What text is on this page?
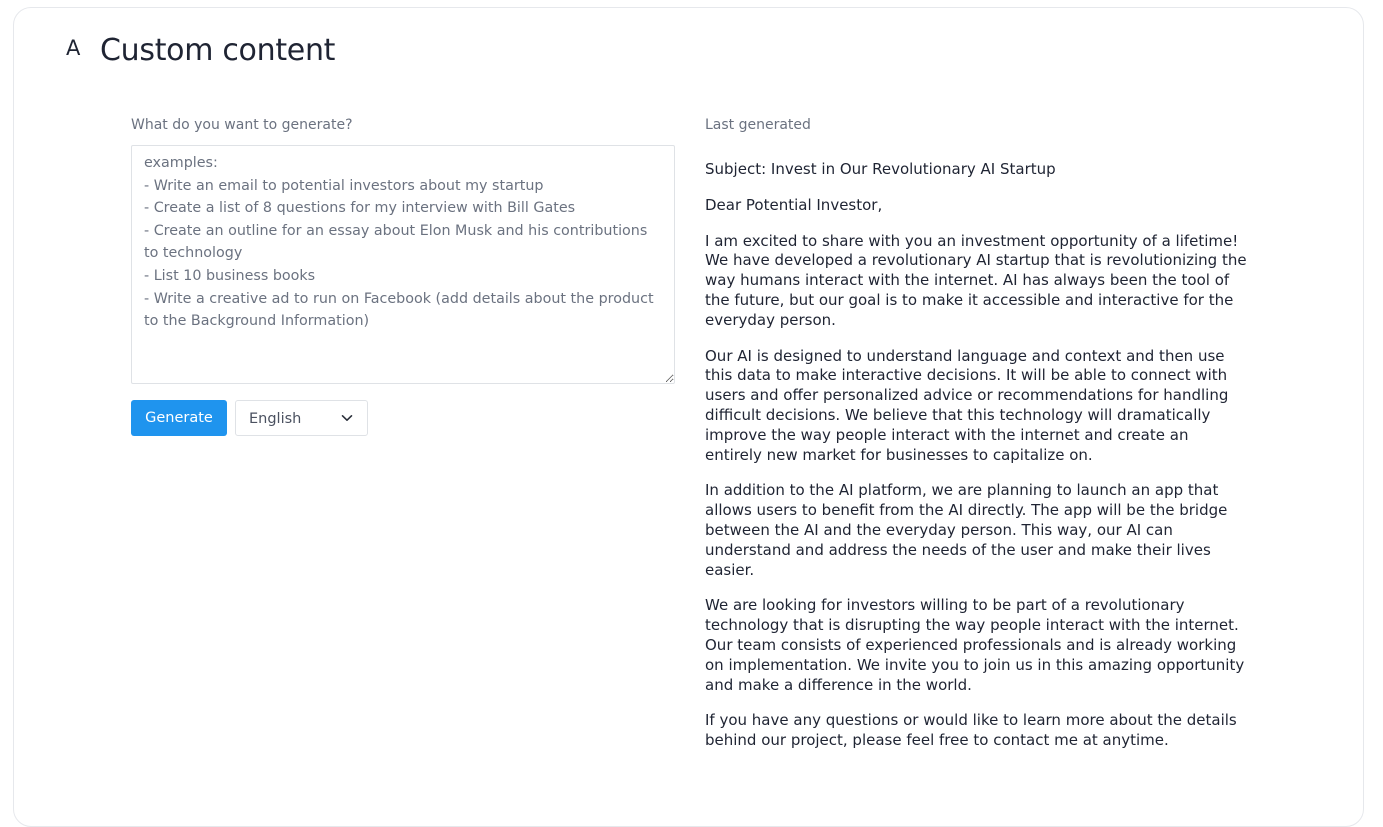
A Custom content
What do you want to generate?
examples: - Write an email to potential investors about my startup - Create a list of 8 questions for my interview with Bill Gates - Create an outline for an essay about Elon Musk and his contributions to technology - List 10 business books - Write a creative ad to run on Facebook (add details about the product to the Background Information)
Generate	English
Last generated

Subject: Invest in Our Revolutionary AI Startup

Dear Potential Investor,

I am excited to share with you an investment opportunity of a lifetime! We have developed a revolutionary AI startup that is revolutionizing the way humans interact with the internet. AI has always been the tool of the future, but our goal is to make it accessible and interactive for the everyday person.

Our AI is designed to understand language and context and then use this data to make interactive decisions. It will be able to connect with users and offer personalized advice or recommendations for handling difficult decisions. We believe that this technology will dramatically improve the way people interact with the internet and create an entirely new market for businesses to capitalize on.

In addition to the AI platform, we are planning to launch an app that allows users to benefit from the AI directly. The app will be the bridge between the AI and the everyday person. This way, our AI can understand and address the needs of the user and make their lives easier.

We are looking for investors willing to be part of a revolutionary technology that is disrupting the way people interact with the internet. Our team consists of experienced professionals and is already working on implementation. We invite you to join us in this amazing opportunity and make a difference in the world.

If you have any questions or would like to learn more about the details behind our project, please feel free to contact me at anytime.
